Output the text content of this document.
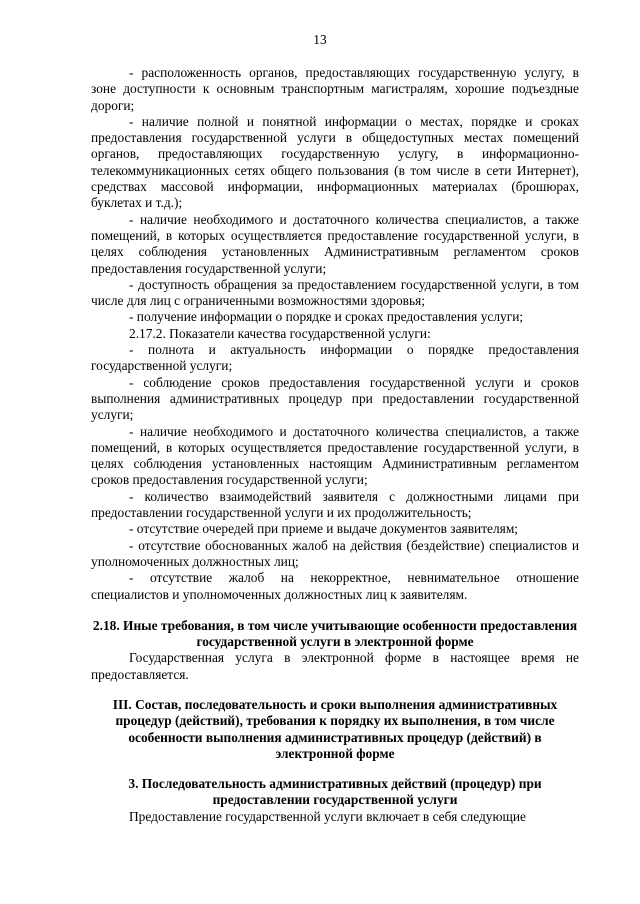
13

- расположенность органов, предоставляющих государственную услугу, в зоне доступности к основным транспортным магистралям, хорошие подъездные дороги;

- наличие полной и понятной информации о местах, порядке и сроках предоставления государственной услуги в общедоступных местах помещений органов, предоставляющих государственную услугу, в информационно-телекоммуникационных сетях общего пользования (в том числе в сети Интернет), средствах массовой информации, информационных материалах (брошюрах, буклетах и т.д.);

- наличие необходимого и достаточного количества специалистов, а также помещений, в которых осуществляется предоставление государственной услуги, в целях соблюдения установленных Административным регламентом сроков предоставления государственной услуги;

- доступность обращения за предоставлением государственной услуги, в том числе для лиц с ограниченными возможностями здоровья;

- получение информации о порядке и сроках предоставления услуги;

2.17.2. Показатели качества государственной услуги:

- полнота и актуальность информации о порядке предоставления государственной услуги;

- соблюдение сроков предоставления государственной услуги и сроков выполнения административных процедур при предоставлении государственной услуги;

- наличие необходимого и достаточного количества специалистов, а также помещений, в которых осуществляется предоставление государственной услуги, в целях соблюдения установленных настоящим Административным регламентом сроков предоставления государственной услуги;

- количество взаимодействий заявителя с должностными лицами при предоставлении государственной услуги и их продолжительность;

- отсутствие очередей при приеме и выдаче документов заявителям;

- отсутствие обоснованных жалоб на действия (бездействие) специалистов и уполномоченных должностных лиц;

- отсутствие жалоб на некорректное, невнимательное отношение специалистов и уполномоченных должностных лиц к заявителям.

2.18. Иные требования, в том числе учитывающие особенности предоставления государственной услуги в электронной форме

Государственная услуга в электронной форме в настоящее время не предоставляется.

III. Состав, последовательность и сроки выполнения административных процедур (действий), требования к порядку их выполнения, в том числе особенности выполнения административных процедур (действий) в электронной форме

3. Последовательность административных действий (процедур) при предоставлении государственной услуги

Предоставление государственной услуги включает в себя следующие
